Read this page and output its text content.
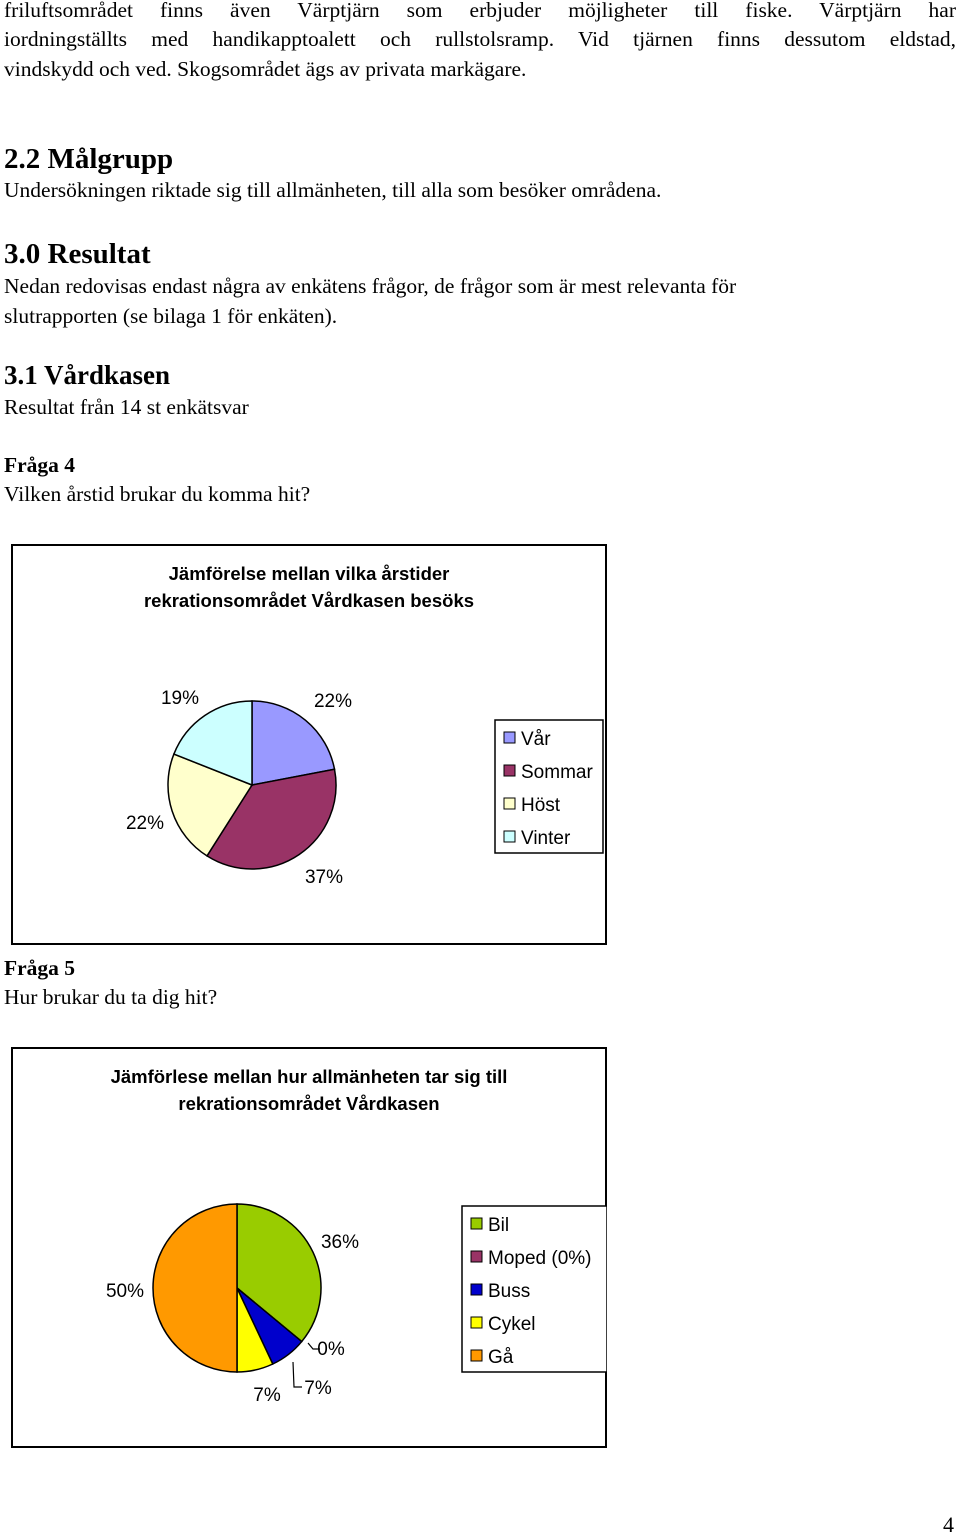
friluftsområdet finns även Värptjärn som erbjuder möjligheter till fiske. Värptjärn har
iordningställts med handikapptoalett och rullstolsramp. Vid tjärnen finns dessutom eldstad,
vindskydd och ved. Skogsområdet ägs av privata markägare.
2.2 Målgrupp
Undersökningen riktade sig till allmänheten, till alla som besöker områdena.
3.0 Resultat
Nedan redovisas endast några av enkätens frågor, de frågor som är mest relevanta för
slutrapporten (se bilaga 1 för enkäten).
3.1 Vårdkasen
Resultat från 14 st enkätsvar
Fråga 4
Vilken årstid brukar du komma hit?
Jämförelse mellan vilka årstider
rekrationsområdet Vårdkasen besöks
22%
37%
22%
19%
Vår
Sommar
Höst
Vinter
Fråga 5
Hur brukar du ta dig hit?
Jämförlese mellan hur allmänheten tar sig till
rekrationsområdet Vårdkasen
36%
0%
7%
7%
50%
Bil
Moped (0%)
Buss
Cykel
Gå
4
